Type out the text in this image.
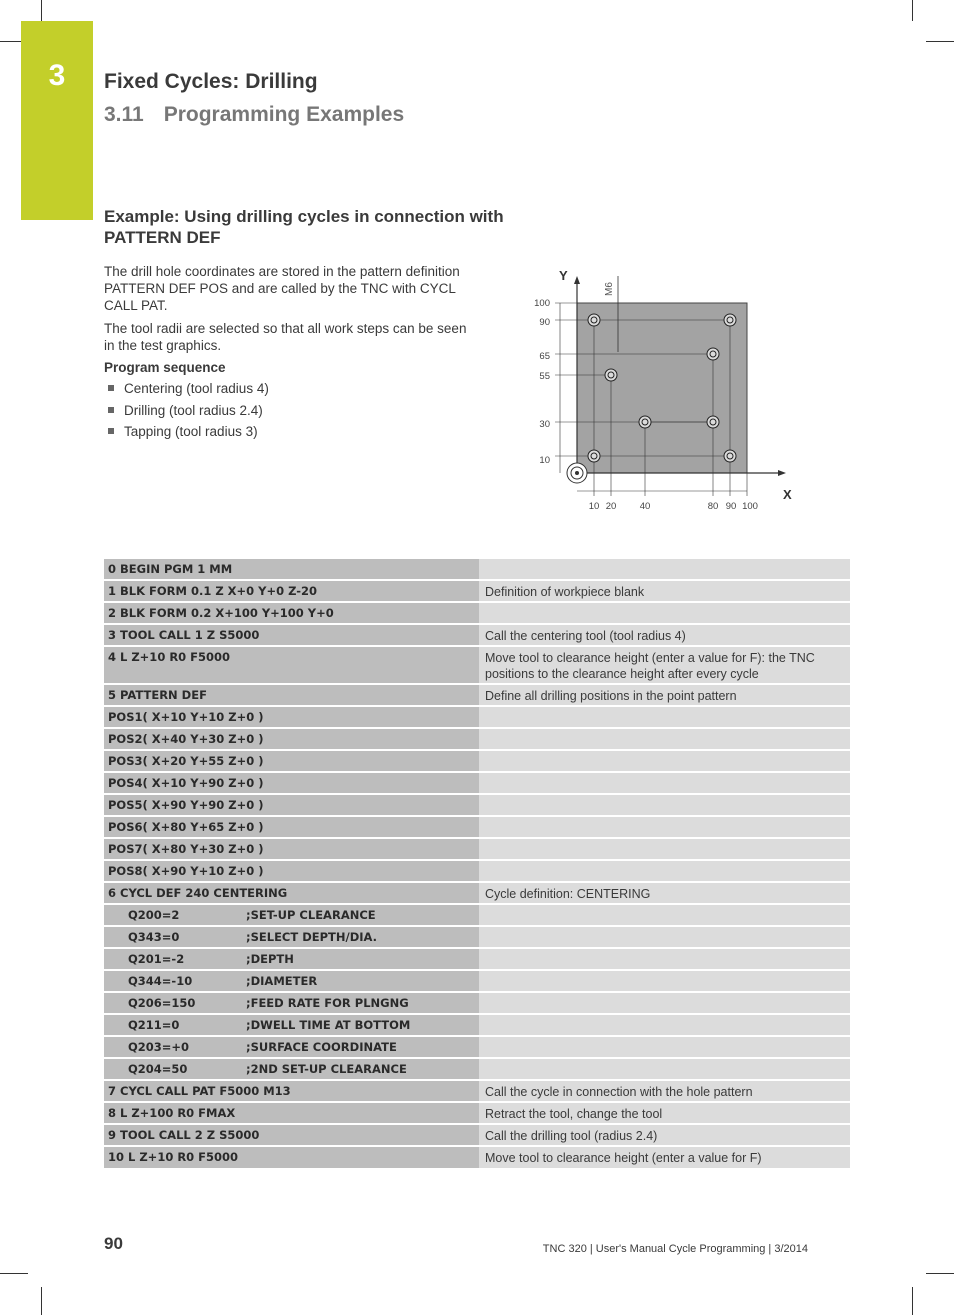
3	Fixed Cycles: Drilling
3.11 Programming Examples
Example: Using drilling cycles in connection with PATTERN DEF

The drill hole coordinates are stored in the pattern definition PATTERN DEF POS and are called by the TNC with CYCL CALL PAT.

The tool radii are selected so that all work steps can be seen in the test graphics.

Program sequence

Centering (tool radius 4)
Drilling (tool radius 2.4)
Tapping (tool radius 3)
X
Y
M6
100
90
65
55
30
10
10 20 40	80 90 100
0 BEGIN PGM 1 MM	
1 BLK FORM 0.1 Z X+0 Y+0 Z-20	Definition of workpiece blank
2 BLK FORM 0.2 X+100 Y+100 Y+0	
3 TOOL CALL 1 Z S5000	Call the centering tool (tool radius 4)
4 L Z+10 R0 F5000	Move tool to clearance height (enter a value for F): the TNC positions to the clearance height after every cycle
5 PATTERN DEF	Define all drilling positions in the point pattern
POS1( X+10 Y+10 Z+0 )	
POS2( X+40 Y+30 Z+0 )	
POS3( X+20 Y+55 Z+0 )	
POS4( X+10 Y+90 Z+0 )	
POS5( X+90 Y+90 Z+0 )	
POS6( X+80 Y+65 Z+0 )	
POS7( X+80 Y+30 Z+0 )	
POS8( X+90 Y+10 Z+0 )	
6 CYCL DEF 240 CENTERING	Cycle definition: CENTERING
Q200=2 ;SET-UP CLEARANCE	
Q343=0 ;SELECT DEPTH/DIA.	
Q201=-2 ;DEPTH	
Q344=-10 ;DIAMETER	
Q206=150 ;FEED RATE FOR PLNGNG	
Q211=0 ;DWELL TIME AT BOTTOM	
Q203=+0 ;SURFACE COORDINATE	
Q204=50 ;2ND SET-UP CLEARANCE	
7 CYCL CALL PAT F5000 M13	Call the cycle in connection with the hole pattern
8 L Z+100 R0 FMAX	Retract the tool, change the tool
9 TOOL CALL 2 Z S5000	Call the drilling tool (radius 2.4)
10 L Z+10 R0 F5000	Move tool to clearance height (enter a value for F)

90	TNC 320 | User's Manual Cycle Programming | 3/2014
